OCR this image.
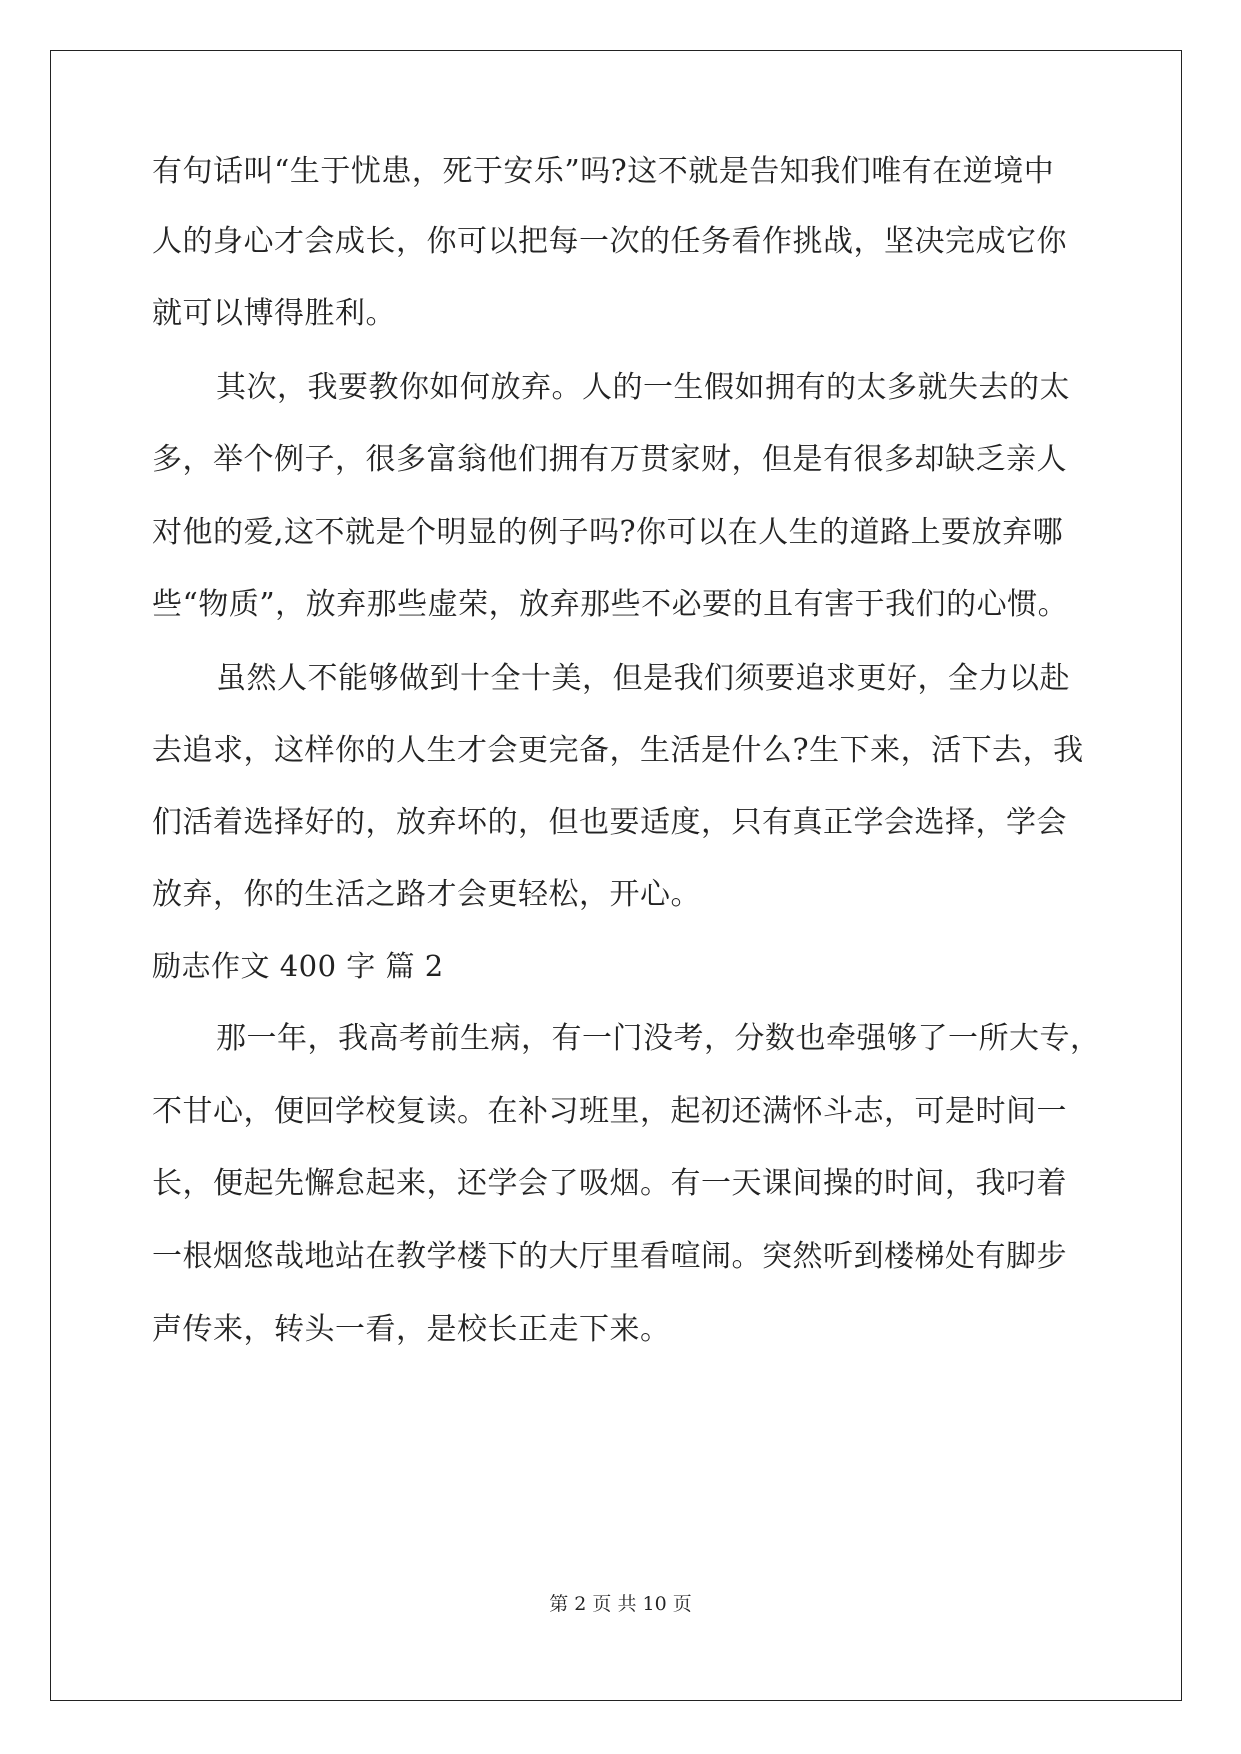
有句话叫“生于忧患，死于安乐”吗?这不就是告知我们唯有在逆境中

人的身心才会成长，你可以把每一次的任务看作挑战，坚决完成它你

就可以博得胜利。

其次，我要教你如何放弃。人的一生假如拥有的太多就失去的太

多，举个例子，很多富翁他们拥有万贯家财，但是有很多却缺乏亲人

对他的爱,这不就是个明显的例子吗?你可以在人生的道路上要放弃哪

些“物质”，放弃那些虚荣，放弃那些不必要的且有害于我们的心惯。

虽然人不能够做到十全十美，但是我们须要追求更好，全力以赴

去追求，这样你的人生才会更完备，生活是什么?生下来，活下去，我

们活着选择好的，放弃坏的，但也要适度，只有真正学会选择，学会

放弃，你的生活之路才会更轻松，开心。

励志作文 400 字 篇 2

那一年，我高考前生病，有一门没考，分数也牵强够了一所大专，

不甘心，便回学校复读。在补习班里，起初还满怀斗志，可是时间一

长，便起先懈怠起来，还学会了吸烟。有一天课间操的时间，我叼着

一根烟悠哉地站在教学楼下的大厅里看喧闹。突然听到楼梯处有脚步

声传来，转头一看，是校长正走下来。

第 2 页 共 10 页
